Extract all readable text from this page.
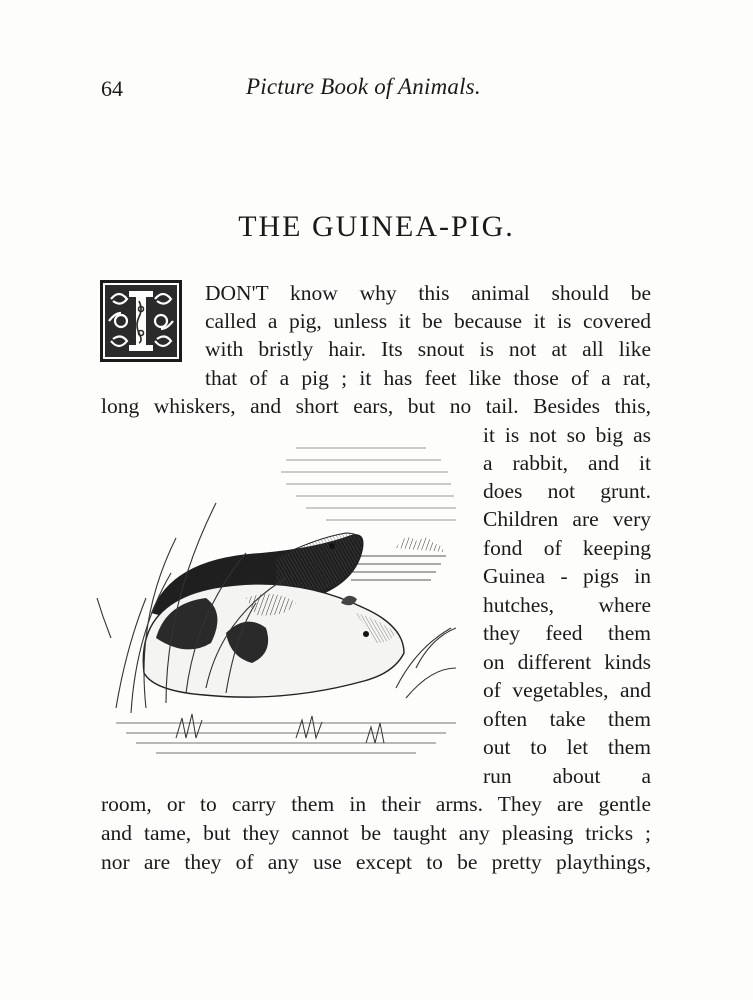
64	Picture Book of Animals.
THE GUINEA-PIG.
DON'T know why this animal should be
called a pig, unless it be because it is covered
with bristly hair. Its snout is not at all like
that of a pig ; it has feet like those of a rat,
long whiskers, and short ears, but no tail. Besides this,
it is not so big as
a rabbit, and it
does not grunt.
Children are very
fond of keeping
Guinea - pigs in
hutches, where
they feed them
on different kinds
of vegetables, and
often take them
out to let them
run about a
room, or to carry them in their arms. They are gentle
and tame, but they cannot be taught any pleasing tricks ;
nor are they of any use except to be pretty playthings,
